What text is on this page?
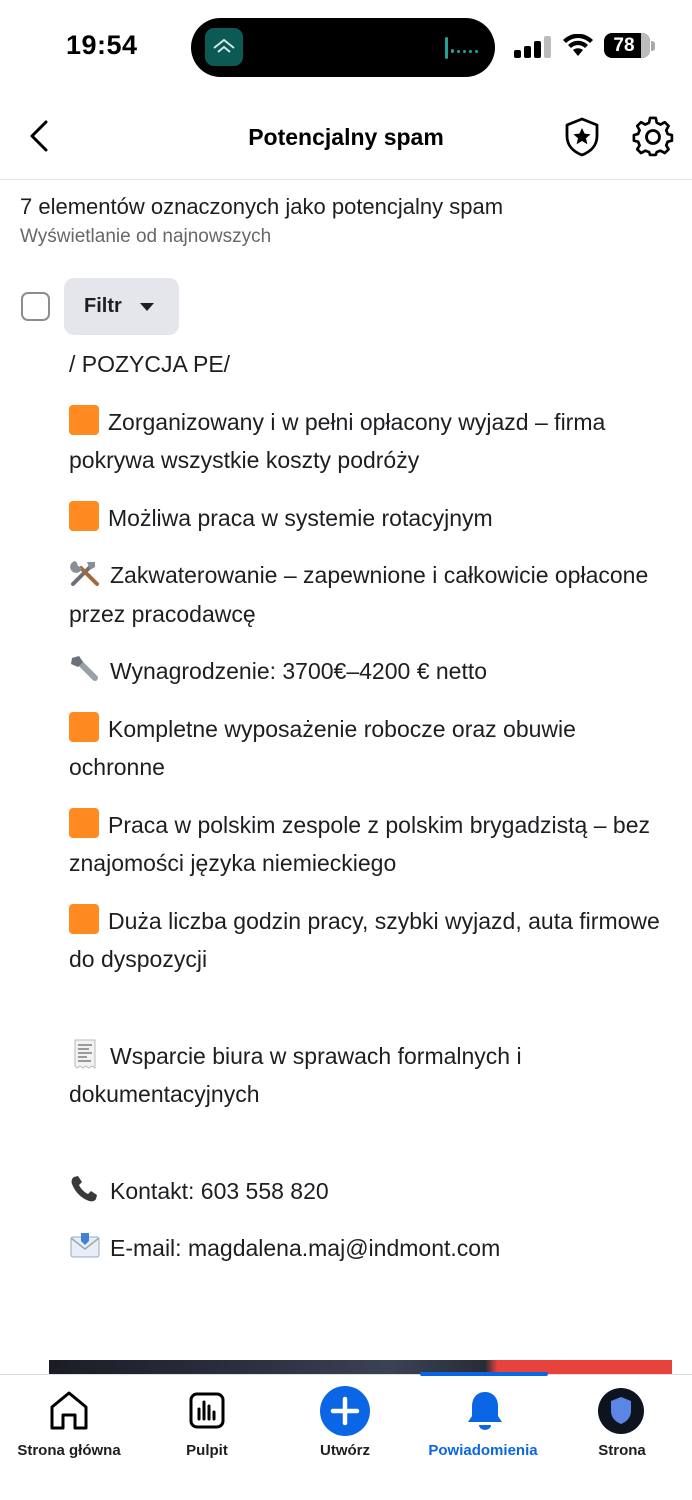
19:54	78
Potencjalny spam
7 elementów oznaczonych jako potencjalny spam
Wyświetlanie od najnowszych
Filtr
/ POZYCJA PE/
Zorganizowany i w pełni opłacony wyjazd – firma pokrywa wszystkie koszty podróży
Możliwa praca w systemie rotacyjnym
Zakwaterowanie – zapewnione i całkowicie opłacone przez pracodawcę
Wynagrodzenie: 3700€–4200 € netto
Kompletne wyposażenie robocze oraz obuwie ochronne
Praca w polskim zespole z polskim brygadzistą – bez znajomości języka niemieckiego
Duża liczba godzin pracy, szybki wyjazd, auta firmowe do dyspozycji
Wsparcie biura w sprawach formalnych i dokumentacyjnych
Kontakt: 603 558 820
E-mail: magdalena.maj@indmont.com
Strona główna	Pulpit	Utwórz	Powiadomienia	Strona
